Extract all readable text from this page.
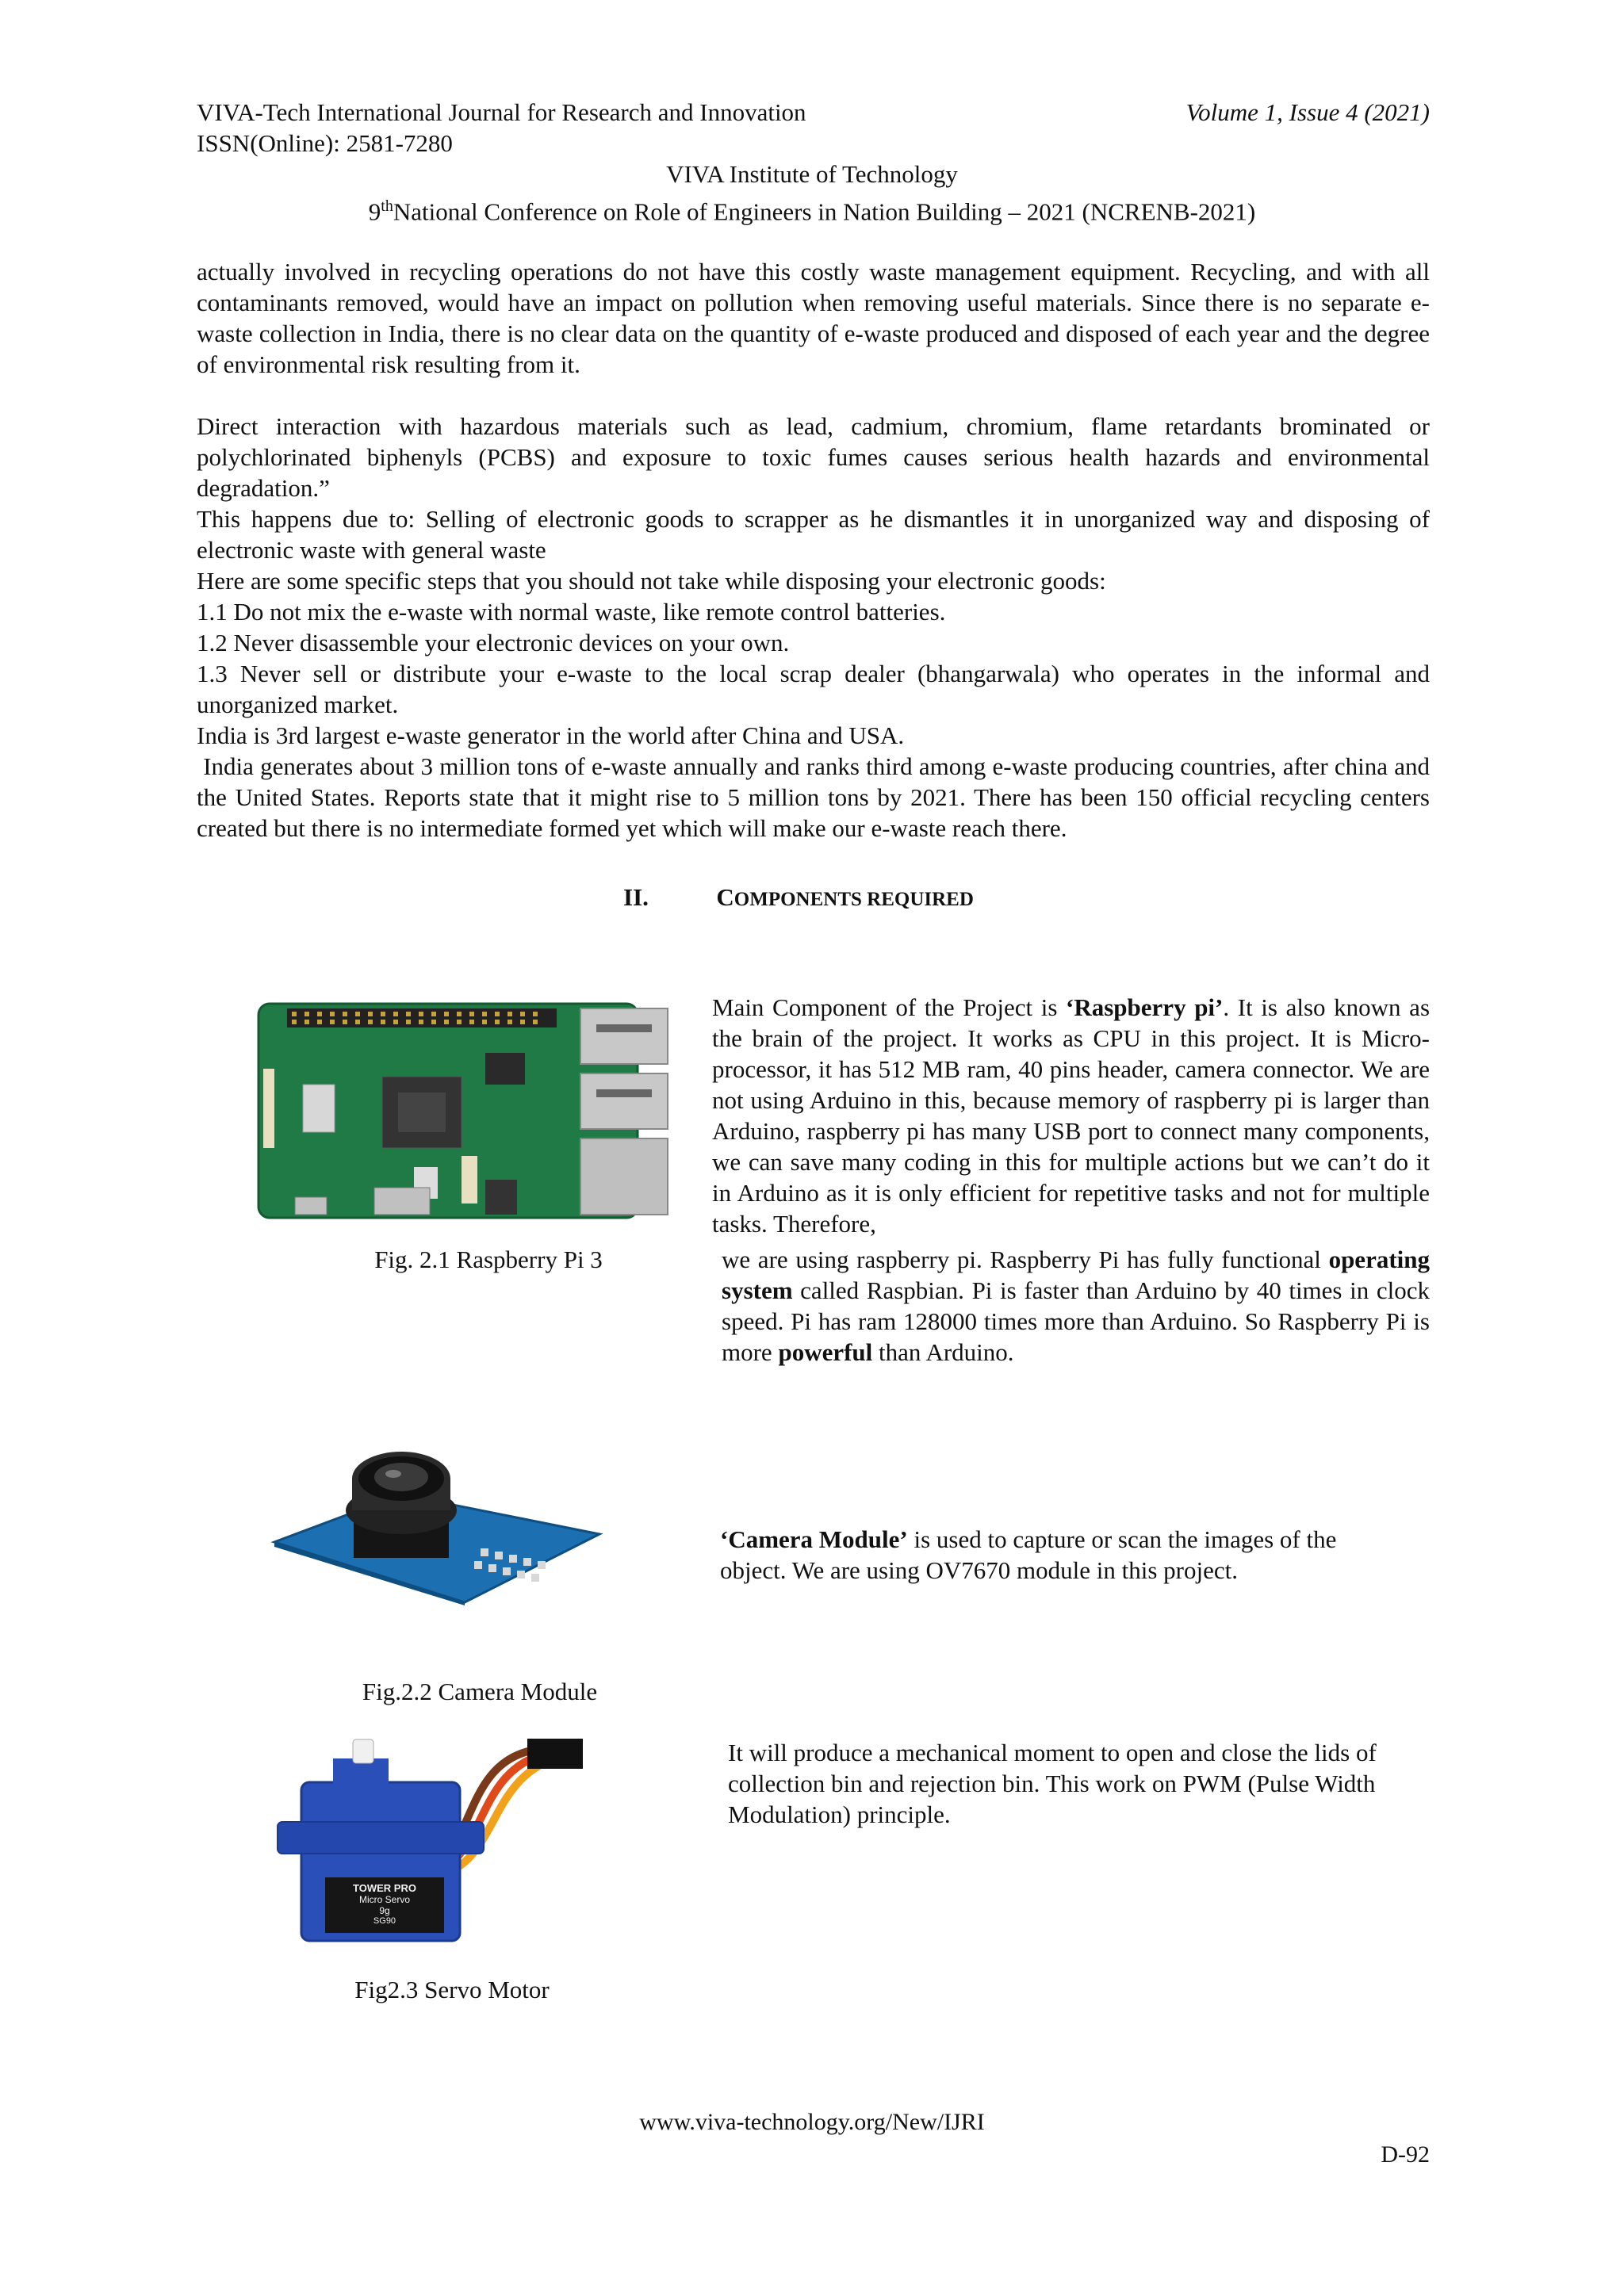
VIVA-Tech International Journal for Research and Innovation	Volume 1, Issue 4 (2021)
ISSN(Online): 2581-7280
VIVA Institute of Technology
9thNational Conference on Role of Engineers in Nation Building – 2021 (NCRENB-2021)

actually involved in recycling operations do not have this costly waste management equipment. Recycling, and with all contaminants removed, would have an impact on pollution when removing useful materials. Since there is no separate e-waste collection in India, there is no clear data on the quantity of e-waste produced and disposed of each year and the degree of environmental risk resulting from it.

Direct interaction with hazardous materials such as lead, cadmium, chromium, flame retardants brominated or polychlorinated biphenyls (PCBS) and exposure to toxic fumes causes serious health hazards and environmental degradation.”

This happens due to: Selling of electronic goods to scrapper as he dismantles it in unorganized way and disposing of electronic waste with general waste

Here are some specific steps that you should not take while disposing your electronic goods:

1.1 Do not mix the e-waste with normal waste, like remote control batteries.

1.2 Never disassemble your electronic devices on your own.

1.3 Never sell or distribute your e-waste to the local scrap dealer (bhangarwala) who operates in the informal and unorganized market.

India is 3rd largest e-waste generator in the world after China and USA.

India generates about 3 million tons of e-waste annually and ranks third among e-waste producing countries, after china and the United States. Reports state that it might rise to 5 million tons by 2021. There has been 150 official recycling centers created but there is no intermediate formed yet which will make our e-waste reach there.

II.	COMPONENTS REQUIRED
Fig. 2.1 Raspberry Pi 3
Main Component of the Project is ‘Raspberry pi’. It is also known as the brain of the project. It works as CPU in this project. It is Micro-processor, it has 512 MB ram, 40 pins header, camera connector. We are not using Arduino in this, because memory of raspberry pi is larger than Arduino, raspberry pi has many USB port to connect many components, we can save many coding in this for multiple actions but we can’t do it in Arduino as it is only efficient for repetitive tasks and not for multiple tasks. Therefore,
we are using raspberry pi. Raspberry Pi has fully functional operating system called Raspbian. Pi is faster than Arduino by 40 times in clock speed. Pi has ram 128000 times more than Arduino. So Raspberry Pi is more powerful than Arduino.
‘Camera Module’ is used to capture or scan the images of the object. We are using OV7670 module in this project.
Fig.2.2 Camera Module
TOWER PRO
Micro Servo
9g
SG90
It will produce a mechanical moment to open and close the lids of collection bin and rejection bin. This work on PWM (Pulse Width Modulation) principle.
Fig2.3 Servo Motor
www.viva-technology.org/New/IJRI
D-92
